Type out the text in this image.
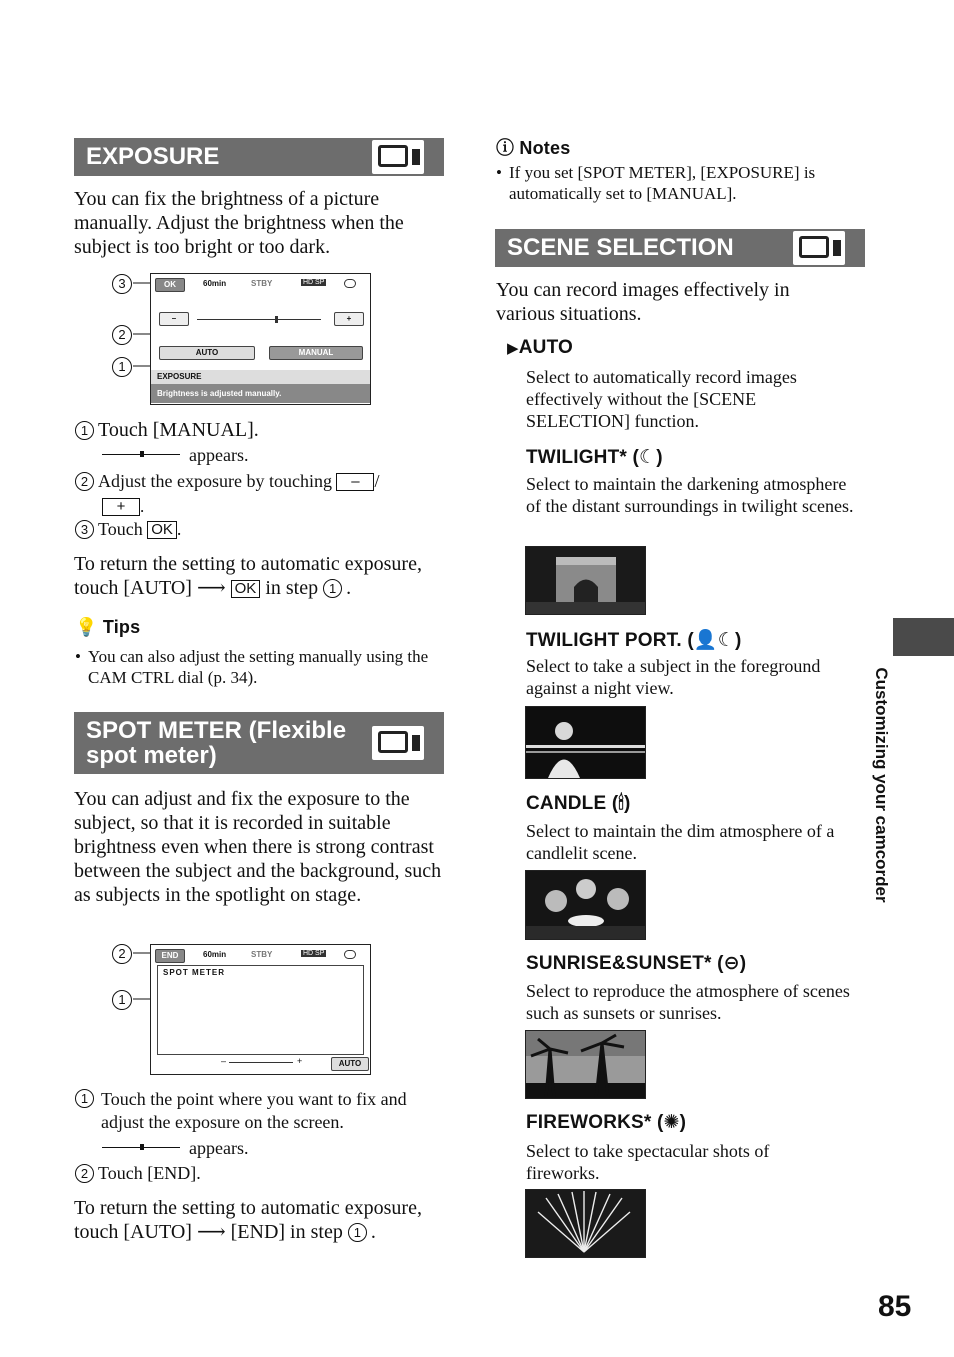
EXPOSURE
You can fix the brightness of a picture manually. Adjust the brightness when the subject is too bright or too dark.
3
2
1
OK	60min	STBY	HD SP
–	+
AUTO	MANUAL
EXPOSURE
Brightness is adjusted manually.
1 Touch [MANUAL].
appears.
2 Adjust the exposure by touching – /
+ .
3 Touch OK .
To return the setting to automatic exposure,
touch [AUTO] ⟶ OK in step 1 .
💡 Tips
• You can also adjust the setting manually using the CAM CTRL dial (p. 34).
SPOT METER (Flexible
spot meter)
You can adjust and fix the exposure to the subject, so that it is recorded in suitable brightness even when there is strong contrast between the subject and the background, such as subjects in the spotlight on stage.
2
1
END	60min	STBY	HD SP
SPOT METER
–	+	AUTO
1 Touch the point where you want to fix and adjust the exposure on the screen.
appears.
2 Touch [END].
To return the setting to automatic exposure,
touch [AUTO] ⟶ [END] in step 1 .
ⓘ Notes
• If you set [SPOT METER], [EXPOSURE] is automatically set to [MANUAL].
SCENE SELECTION
You can record images effectively in various situations.
▶AUTO
Select to automatically record images effectively without the [SCENE SELECTION] function.
TWILIGHT* (☾)
Select to maintain the darkening atmosphere of the distant surroundings in twilight scenes.
TWILIGHT PORT. (👤☾)
Select to take a subject in the foreground against a night view.
CANDLE (🕯)
Select to maintain the dim atmosphere of a candlelit scene.
SUNRISE&SUNSET* (⊖)
Select to reproduce the atmosphere of scenes such as sunsets or sunrises.
FIREWORKS* (✺)
Select to take spectacular shots of fireworks.
Customizing your camcorder
85
